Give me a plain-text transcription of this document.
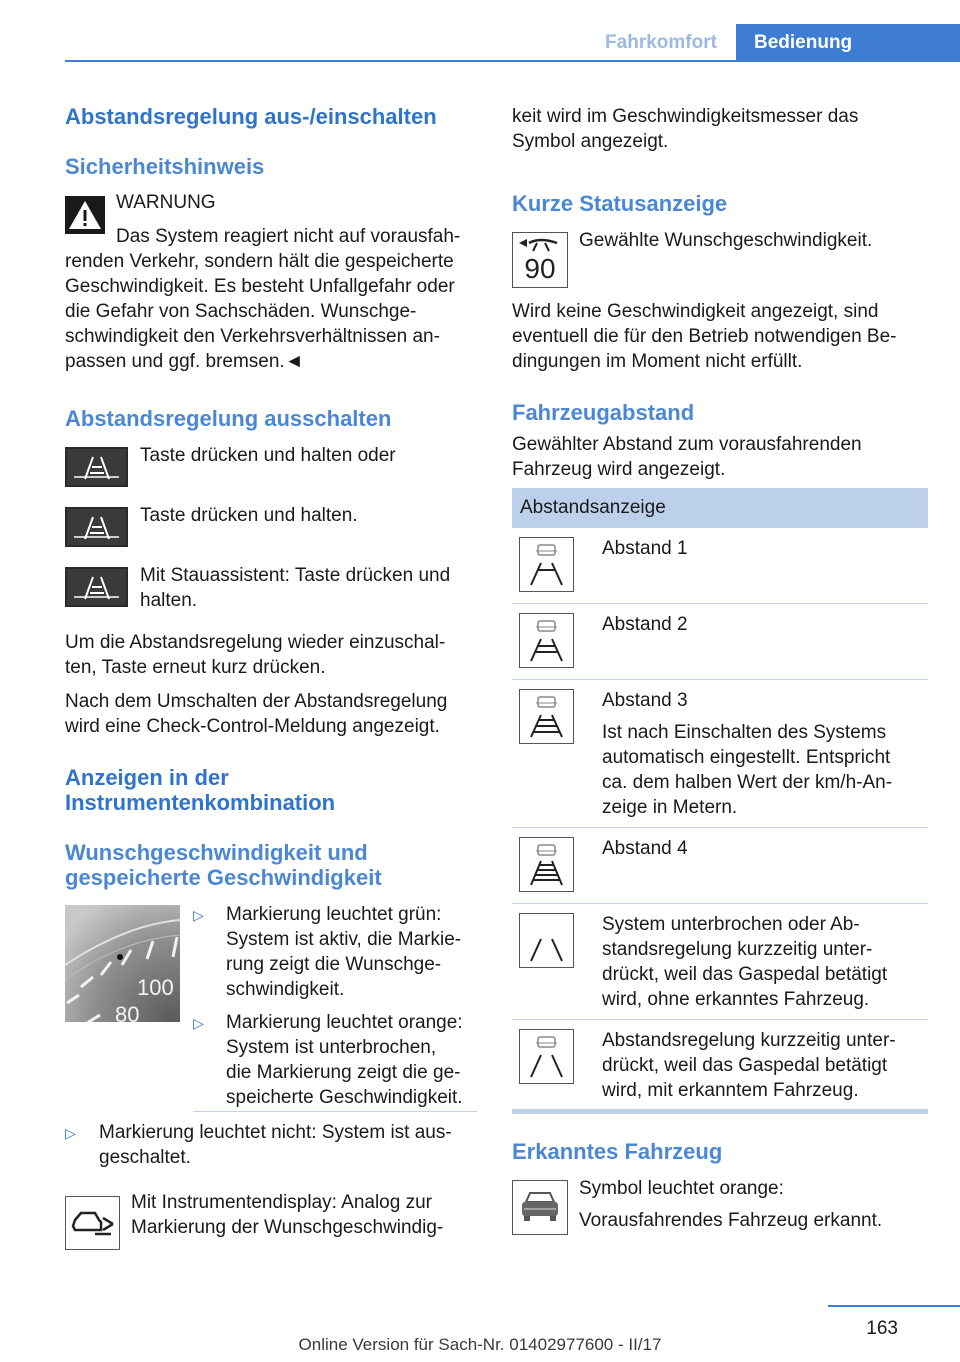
Fahrkomfort	Bedienung
Abstandsregelung aus-/einschalten
Sicherheitshinweis
WARNUNG
Das System reagiert nicht auf vorausfah-
renden Verkehr, sondern hält die gespeicherte
Geschwindigkeit. Es besteht Unfallgefahr oder
die Gefahr von Sachschäden. Wunschge-
schwindigkeit den Verkehrsverhältnissen an-
passen und ggf. bremsen.◄
Abstandsregelung ausschalten
Taste drücken und halten oder
Taste drücken und halten.
Mit Stauassistent: Taste drücken und
halten.
Um die Abstandsregelung wieder einzuschal-
ten, Taste erneut kurz drücken.
Nach dem Umschalten der Abstandsregelung
wird eine Check-Control-Meldung angezeigt.
Anzeigen in der
Instrumentenkombination
Wunschgeschwindigkeit und
gespeicherte Geschwindigkeit
100
80
▷ Markierung leuchtet grün:
System ist aktiv, die Markie-
rung zeigt die Wunschge-
schwindigkeit.
▷ Markierung leuchtet orange:
System ist unterbrochen,
die Markierung zeigt die ge-
speicherte Geschwindigkeit.
▷ Markierung leuchtet nicht: System ist aus-
geschaltet.
Mit Instrumentendisplay: Analog zur
Markierung der Wunschgeschwindig-
keit wird im Geschwindigkeitsmesser das
Symbol angezeigt.
Kurze Statusanzeige
90
Gewählte Wunschgeschwindigkeit.
Wird keine Geschwindigkeit angezeigt, sind
eventuell die für den Betrieb notwendigen Be-
dingungen im Moment nicht erfüllt.
Fahrzeugabstand
Gewählter Abstand zum vorausfahrenden
Fahrzeug wird angezeigt.
Abstandsanzeige
Abstand 1
Abstand 2
Abstand 3
Ist nach Einschalten des Systems
automatisch eingestellt. Entspricht
ca. dem halben Wert der km/h-An-
zeige in Metern.
Abstand 4
System unterbrochen oder Ab-
standsregelung kurzzeitig unter-
drückt, weil das Gaspedal betätigt
wird, ohne erkanntes Fahrzeug.
Abstandsregelung kurzzeitig unter-
drückt, weil das Gaspedal betätigt
wird, mit erkanntem Fahrzeug.
Erkanntes Fahrzeug
Symbol leuchtet orange:
Vorausfahrendes Fahrzeug erkannt.
163
Online Version für Sach-Nr. 01402977600 - II/17
